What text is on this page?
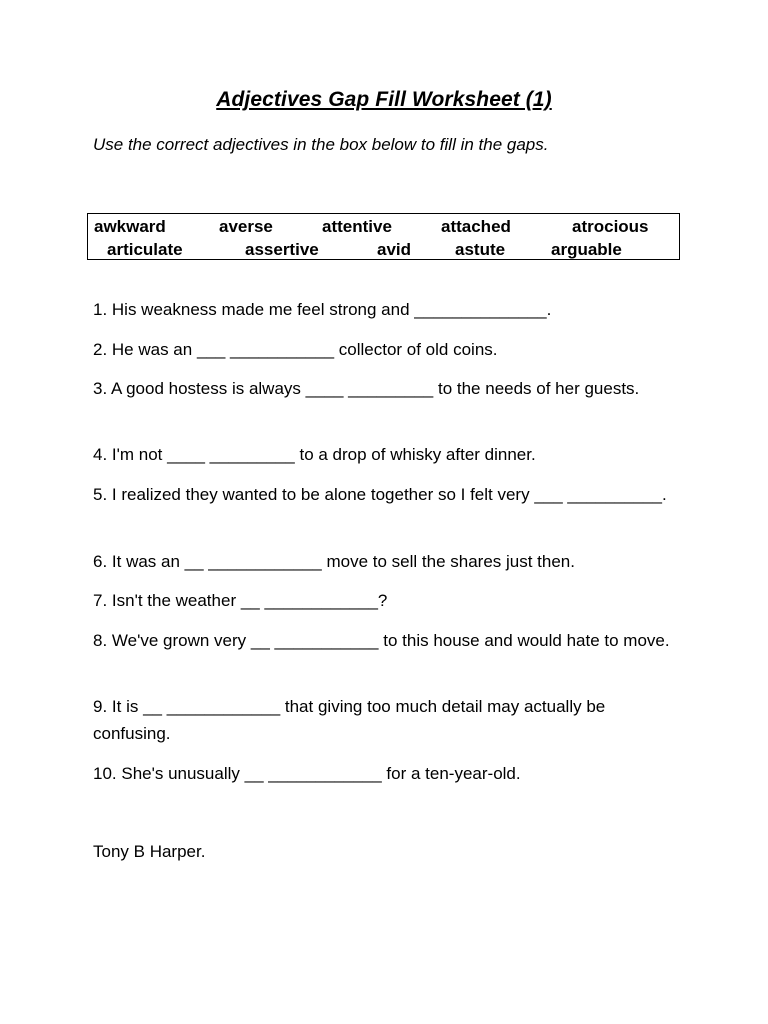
Adjectives Gap Fill Worksheet (1)
Use the correct adjectives in the box below to fill in the gaps.
awkward	averse	attentive	attached	atrocious
articulate	assertive	avid	astute	arguable
1. His weakness made me feel strong and ______________.
2. He was an ___ ___________ collector of old coins.
3. A good hostess is always ____ _________ to the needs of her guests.
4. I'm not ____ _________ to a drop of whisky after dinner.
5. I realized they wanted to be alone together so I felt very ___ __________.
6. It was an __ ____________ move to sell the shares just then.
7. Isn't the weather __ ____________?
8. We've grown very __ ___________ to this house and would hate to move.
9. It is __ ____________ that giving too much detail may actually be confusing.
10. She's unusually __ ____________ for a ten-year-old.
Tony B Harper.
